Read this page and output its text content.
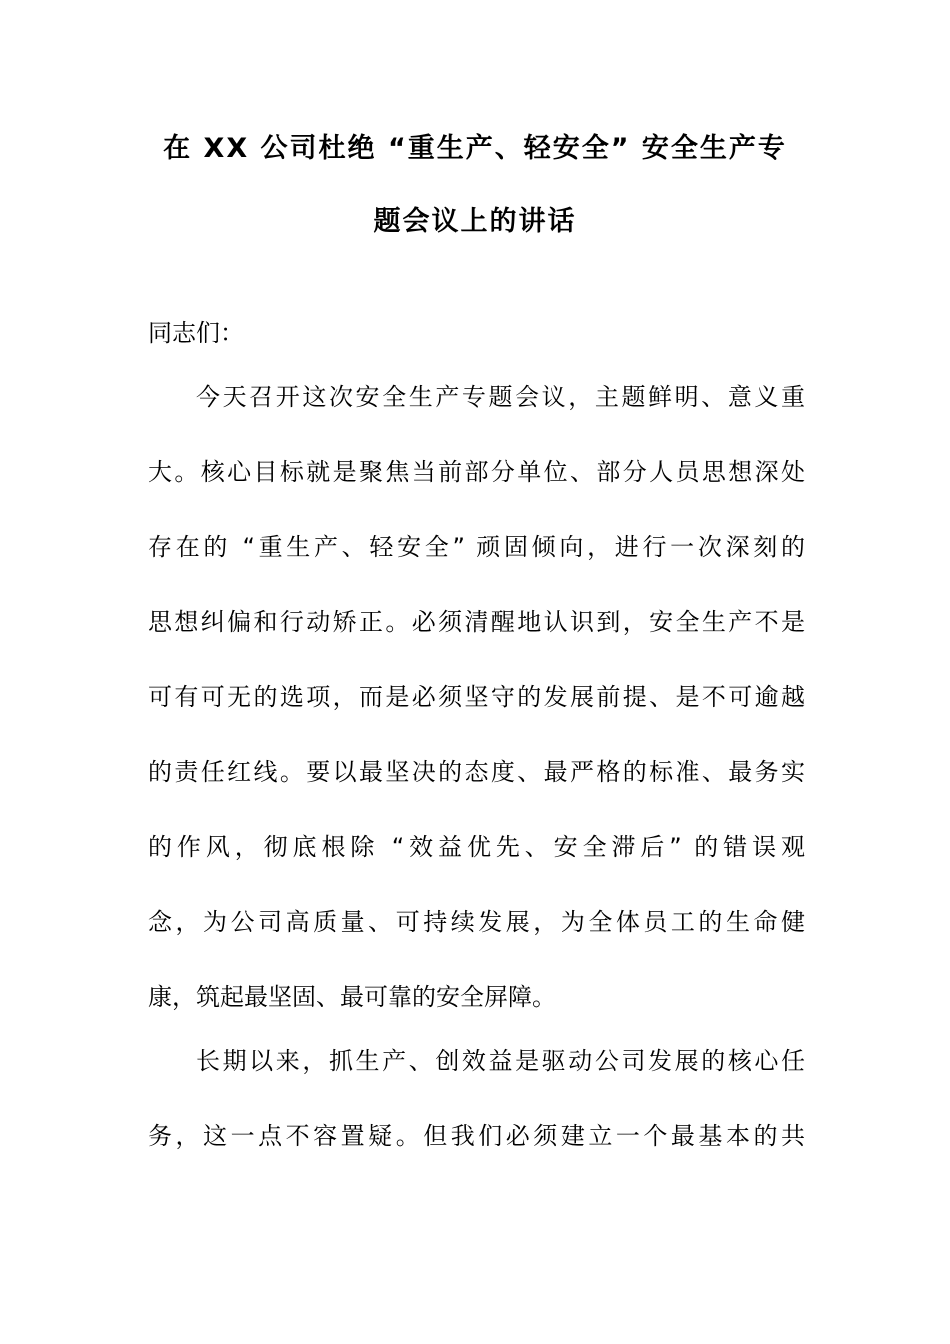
在 XX 公司杜绝 “重生产、轻安全” 安全生产专
题会议上的讲话
同志们：
今天召开这次安全生产专题会议，主题鲜明、意义重
大。核心目标就是聚焦当前部分单位、部分人员思想深处
存在的 “重生产、轻安全” 顽固倾向，进行一次深刻的
思想纠偏和行动矫正。必须清醒地认识到，安全生产不是
可有可无的选项，而是必须坚守的发展前提、是不可逾越
的责任红线。要以最坚决的态度、最严格的标准、最务实
的作风，彻底根除 “效益优先、安全滞后” 的错误观
念，为公司高质量、可持续发展，为全体员工的生命健
康，筑起最坚固、最可靠的安全屏障。
长期以来，抓生产、创效益是驱动公司发展的核心任
务，这一点不容置疑。但我们必须建立一个最基本的共
